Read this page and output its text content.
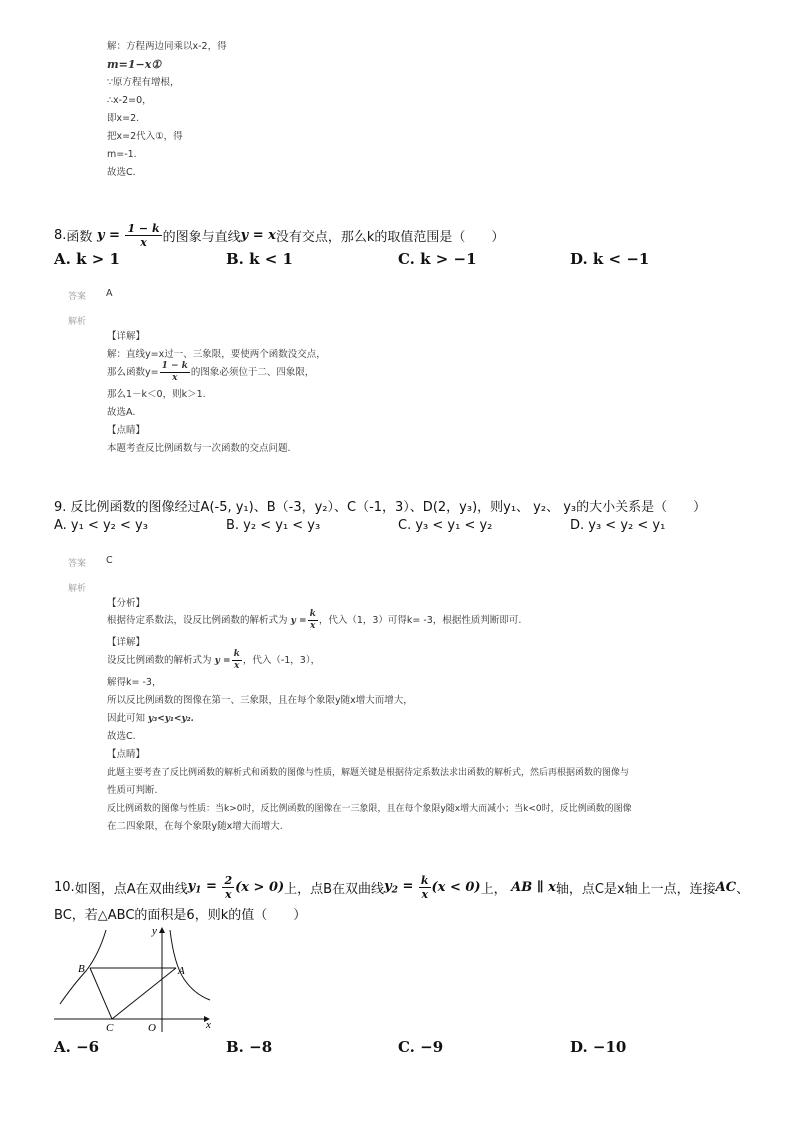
解：方程两边同乘以x-2，得
m=1−x①
∵原方程有增根，
∴x-2=0，
即x=2.
把x=2代入①，得
m=-1.
故选C.
8. 函数 $y = \frac{1 - k}{x}$ 的图象与直线 y = x 没有交点，那么k的取值范围是（　　）
A. k > 1	B. k < 1	C. k > −1	D. k < −1
答案 A
解析
【详解】
解：直线y=x过一、三象限，要使两个函数没交点，
那么函数$y= \frac{1 - k}{x}$ 的图象必须位于二、四象限，
那么1－k＜0，则k＞1.
故选A.
【点睛】
本题考查反比例函数与一次函数的交点问题.
9. 反比例函数的图像经过A(-5, y₁)、B（-3，y₂）、C（-1，3）、D(2，y₃)，则y₁、 y₂、 y₃的大小关系是（　　）
A. y₁ < y₂ < y₃	B. y₂ < y₁ < y₃	C. y₃ < y₁ < y₂	D. y₃ < y₂ < y₁
答案 C
解析
【分析】
根据待定系数法，设反比例函数的解析式为 $y = \frac{k}{x}$ ，代入（1，3）可得k= -3，根据性质判断即可.
【详解】
设反比例函数的解析式为 $y = \frac{k}{x}$ ，代入（-1，3），
解得k= -3，
所以反比例函数的图像在第一、三象限，且在每个象限y随x增大而增大，
因此可知 y₃<y₁<y₂.
故选C.
【点睛】
此题主要考查了反比例函数的解析式和函数的图像与性质，解题关键是根据待定系数法求出函数的解析式，然后再根据函数的图像与
性质可判断.
反比例函数的图像与性质：当k>0时，反比例函数的图像在一三象限，且在每个象限y随x增大而减小；当k<0时，反比例函数的图像
在二四象限，在每个象限y随x增大而增大.
10. 如图，点A在双曲线 $y_1 = \frac{2}{x} (x > 0)$ 上，点B在双曲线 $y_2 = \frac{k}{x} (x < 0)$ 上， AB ∥ x 轴，点C是x轴上一点，连接 AC 、
BC，若△ABC的面积是6，则k的值（　　）
y
x
A
B
C	O
A. −6	B. −8	C. −9	D. −10
